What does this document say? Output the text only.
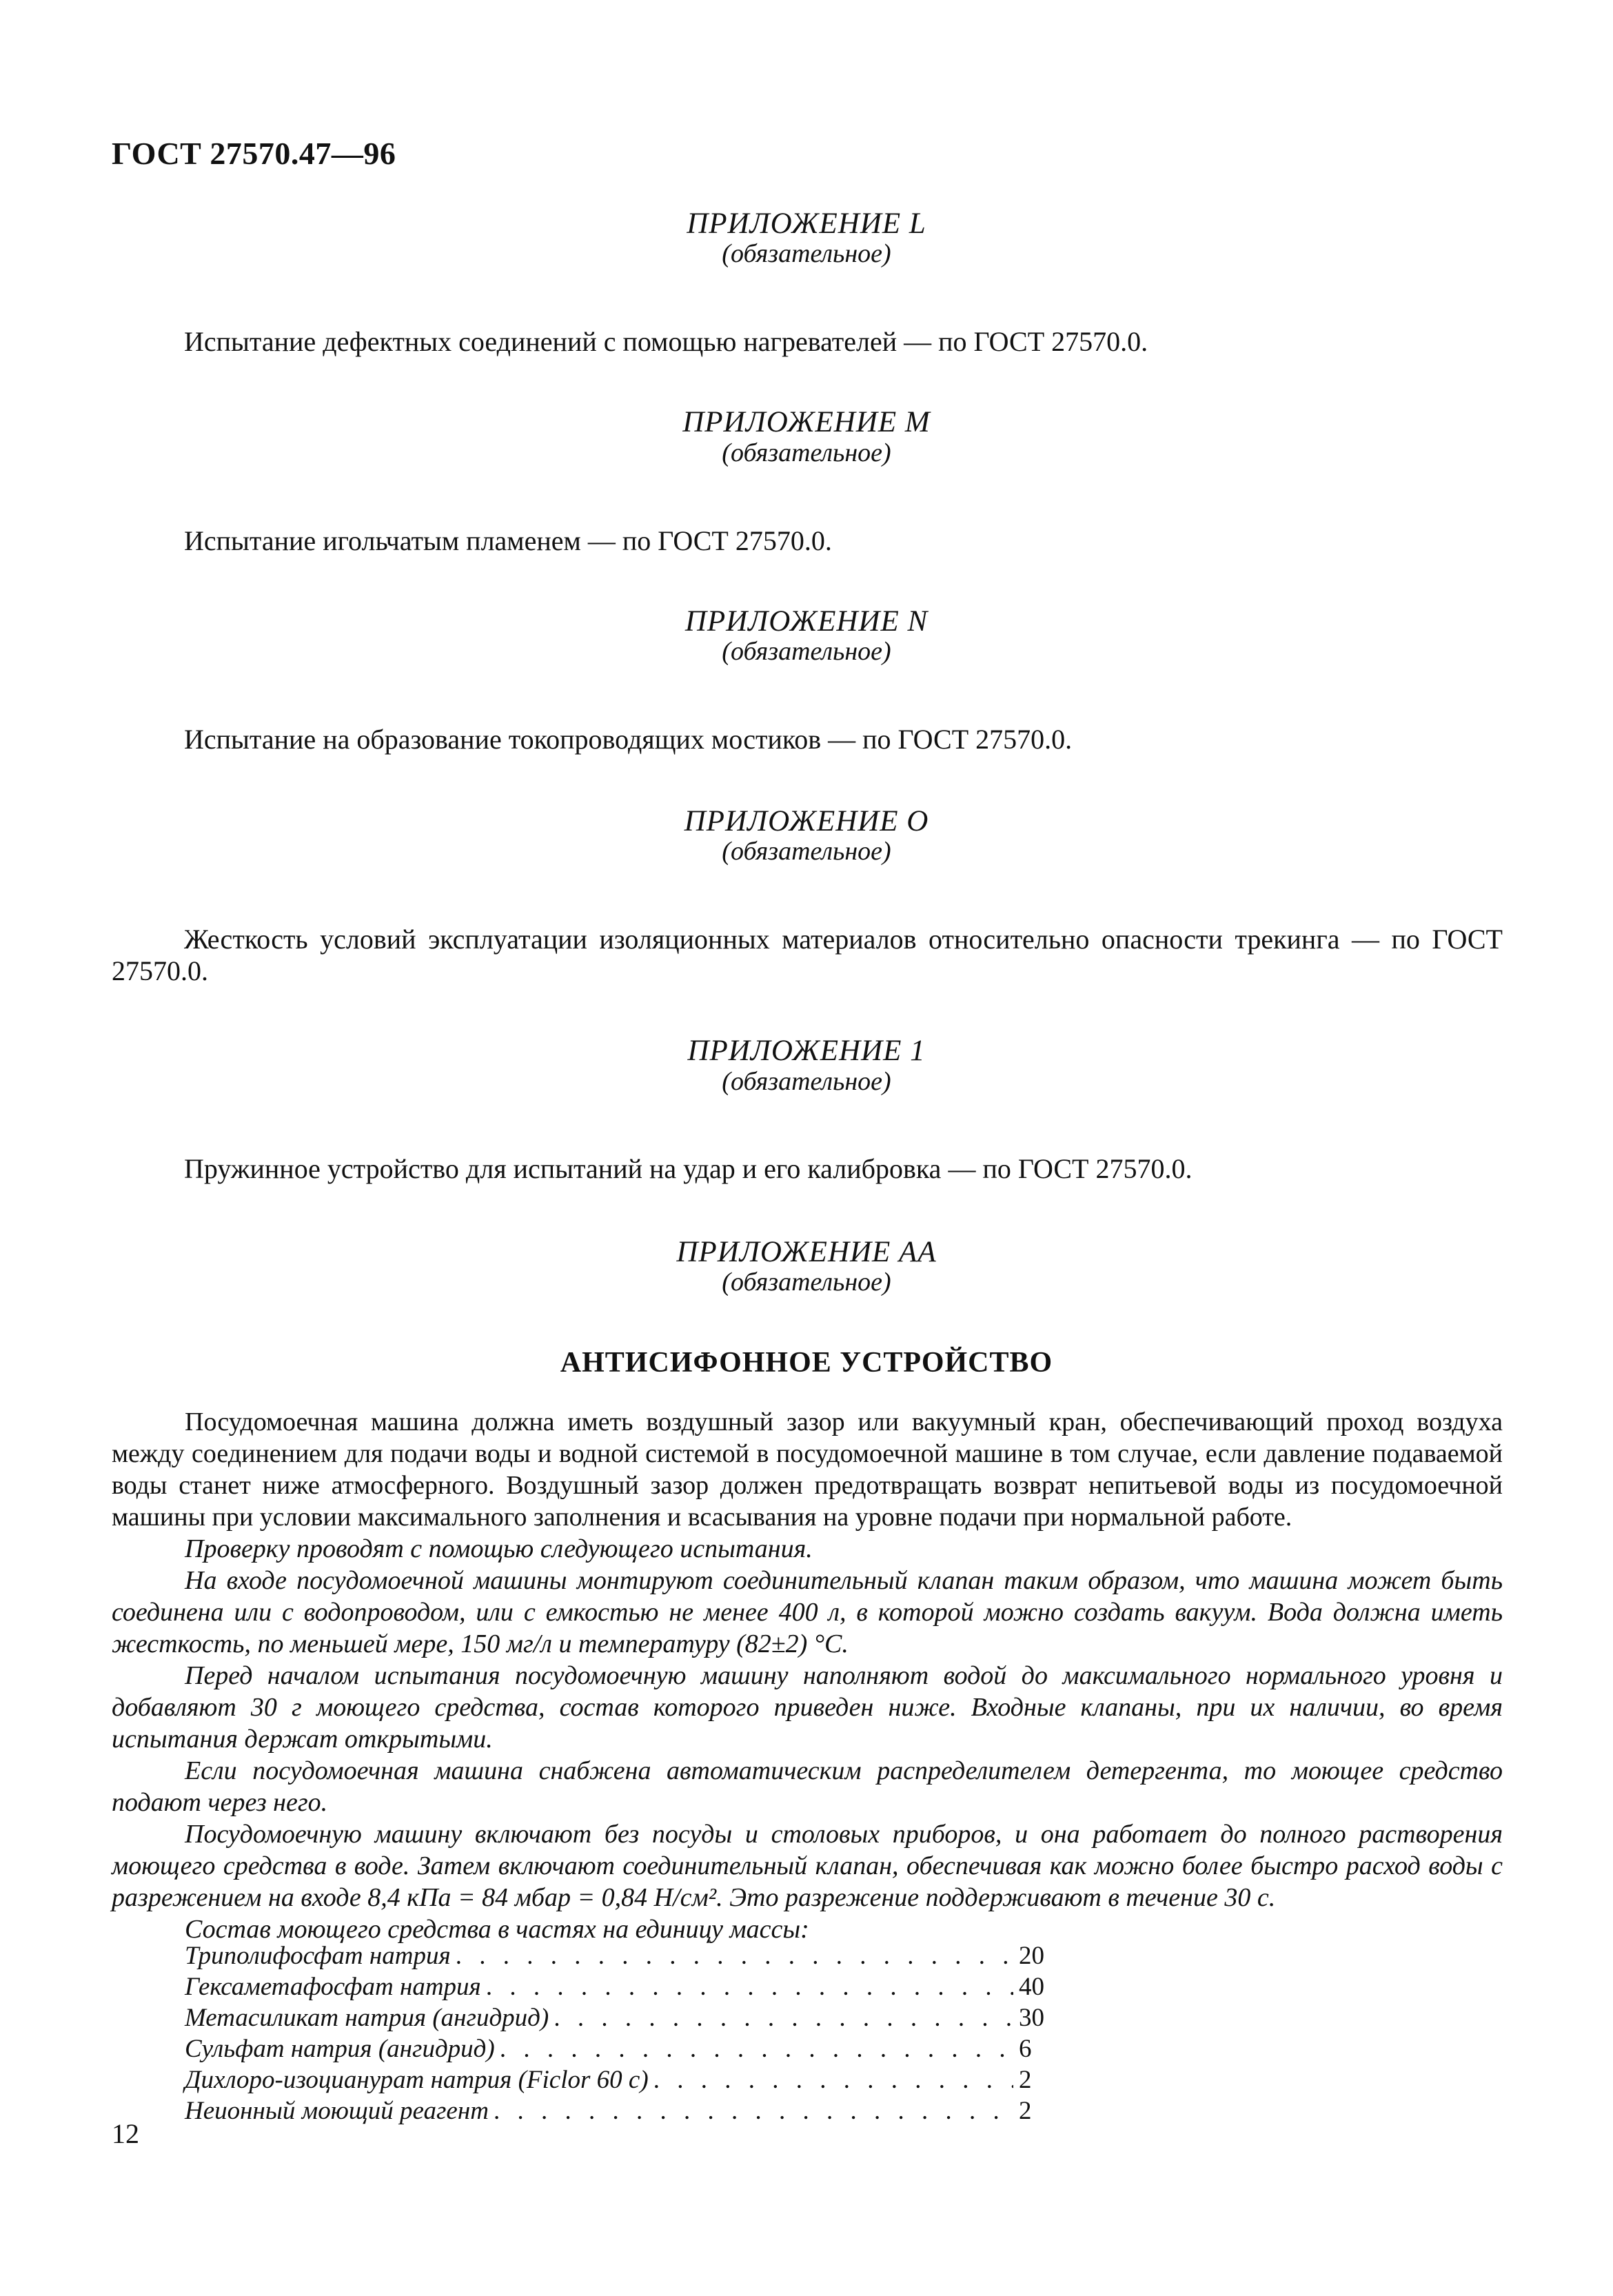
ГОСТ 27570.47—96
ПРИЛОЖЕНИЕ L
(обязательное)
Испытание дефектных соединений с помощью нагревателей — по ГОСТ 27570.0.
ПРИЛОЖЕНИЕ M
(обязательное)
Испытание игольчатым пламенем — по ГОСТ 27570.0.
ПРИЛОЖЕНИЕ N
(обязательное)
Испытание на образование токопроводящих мостиков — по ГОСТ 27570.0.
ПРИЛОЖЕНИЕ O
(обязательное)
Жесткость условий эксплуатации изоляционных материалов относительно опасности трекинга — по ГОСТ 27570.0.
ПРИЛОЖЕНИЕ 1
(обязательное)
Пружинное устройство для испытаний на удар и его калибровка — по ГОСТ 27570.0.
ПРИЛОЖЕНИЕ АА
(обязательное)
АНТИСИФОННОЕ УСТРОЙСТВО

Посудомоечная машина должна иметь воздушный зазор или вакуумный кран, обеспечивающий проход воздуха между соединением для подачи воды и водной системой в посудомоечной машине в том случае, если давление подаваемой воды станет ниже атмосферного. Воздушный зазор должен предотвращать возврат непитьевой воды из посудомоечной машины при условии максимального заполнения и всасывания на уровне подачи при нормальной работе.

Проверку проводят с помощью следующего испытания.

На входе посудомоечной машины монтируют соединительный клапан таким образом, что машина может быть соединена или с водопроводом, или с емкостью не менее 400 л, в которой можно создать вакуум. Вода должна иметь жесткость, по меньшей мере, 150 мг/л и температуру (82±2) °С.

Перед началом испытания посудомоечную машину наполняют водой до максимального нормального уровня и добавляют 30 г моющего средства, состав которого приведен ниже. Входные клапаны, при их наличии, во время испытания держат открытыми.

Если посудомоечная машина снабжена автоматическим распределителем детергента, то моющее средство подают через него.

Посудомоечную машину включают без посуды и столовых приборов, и она работает до полного растворения моющего средства в воде. Затем включают соединительный клапан, обеспечивая как можно более быстро расход воды с разрежением на входе 8,4 кПа = 84 мбар = 0,84 Н/см². Это разрежение поддерживают в течение 30 с.

Состав моющего средства в частях на единицу массы:

Триполифосфат натрия . . .	20
Гексаметафосфат натрия . . .	40
Метасиликат натрия (ангидрид) . . .	30
Сульфат натрия (ангидрид) . . .	6
Дихлоро-изоцианурат натрия (Ficlor 60 с) . . .	2
Неионный моющий реагент . . .	2
12
